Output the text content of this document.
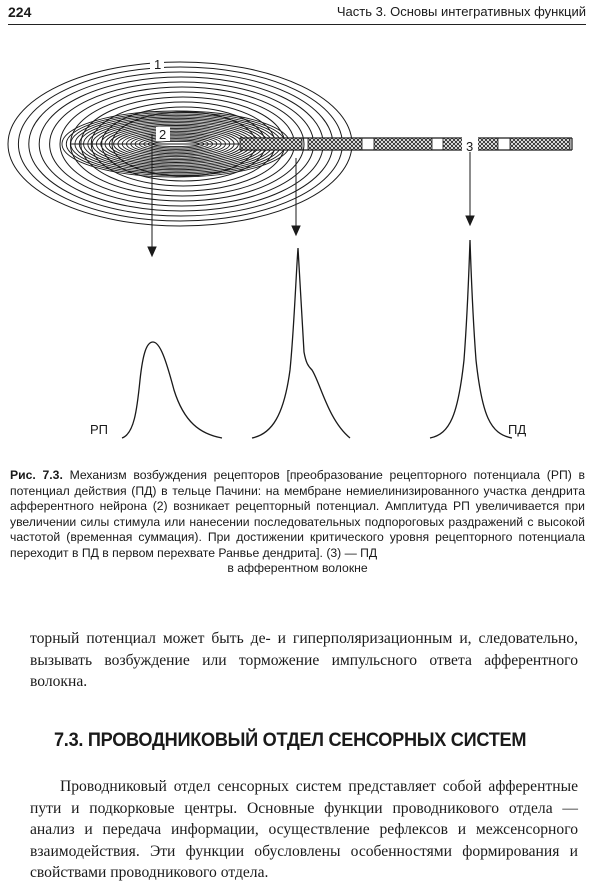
224	Часть 3. Основы интегративных функций
1
2
3
РП	ПД
Рис. 7.3. Механизм возбуждения рецепторов [преобразование рецепторного потенциала (РП) в потенциал действия (ПД) в тельце Пачини: на мембране немиелинизированного участка дендрита афферентного нейрона (2) возникает рецепторный потенциал. Амплитуда РП увеличивается при увеличении силы стимула или нанесении последовательных подпороговых раздражений с высокой частотой (временная суммация). При достижении критического уровня рецепторного потенциала переходит в ПД в первом перехвате Ранвье дендрита]. (3) — ПД
в афферентном волокне

торный потенциал может быть де- и гиперполяризационным и, следовательно, вызывать возбуждение или торможение импульсного ответа афферентного волокна.

7.3. ПРОВОДНИКОВЫЙ ОТДЕЛ СЕНСОРНЫХ СИСТЕМ

Проводниковый отдел сенсорных систем представляет собой афферентные пути и подкорковые центры. Основные функции проводникового отдела — анализ и передача информации, осуществление рефлексов и межсенсорного взаимодействия. Эти функции обусловлены особенностями формирования и свойствами проводникового отдела.
